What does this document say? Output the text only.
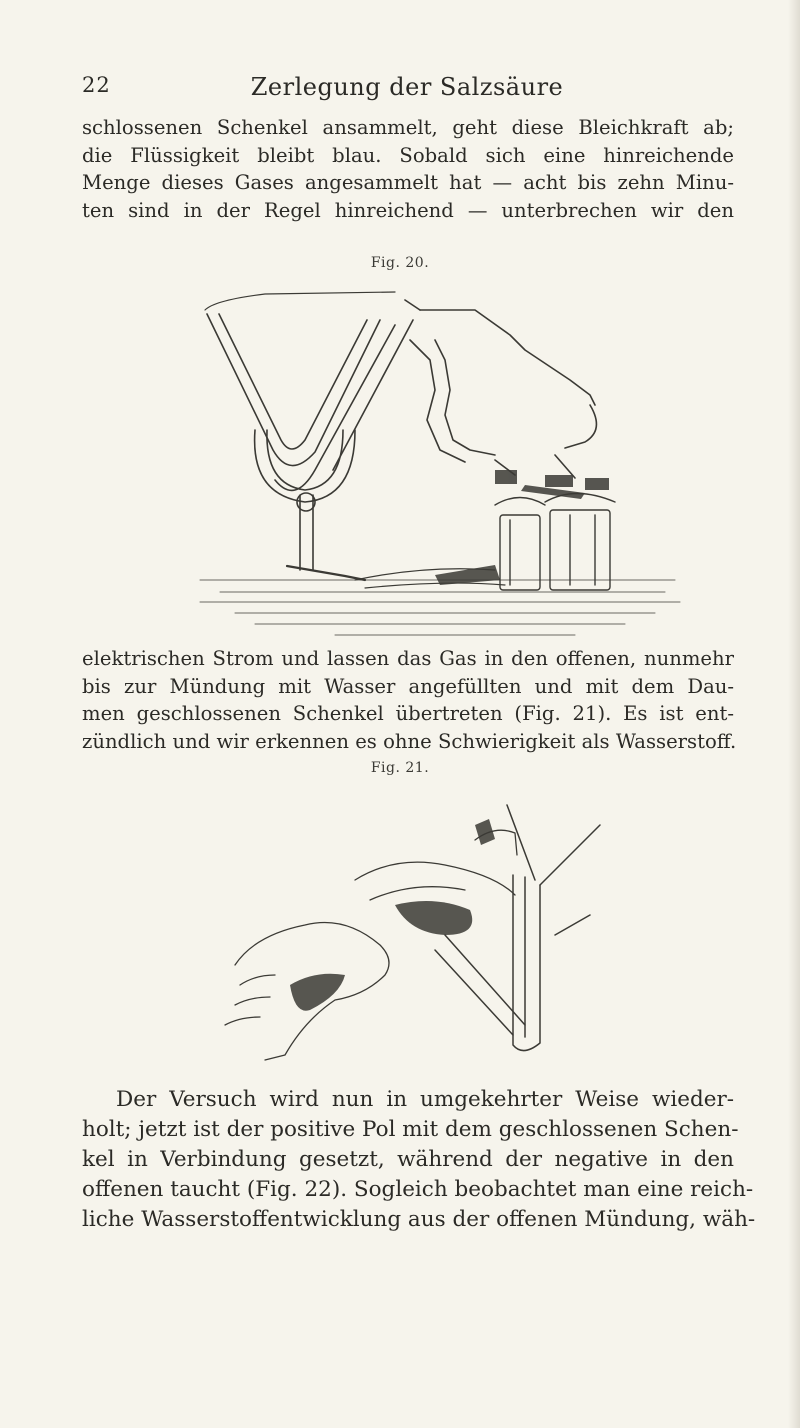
22	Zerlegung der Salzsäure

schlossenen Schenkel ansammelt, geht diese Bleichkraft ab;
die Flüssigkeit bleibt blau. Sobald sich eine hinreichende
Menge dieses Gases angesammelt hat — acht bis zehn Minu-
ten sind in der Regel hinreichend — unterbrechen wir den

Fig. 20.

elektrischen Strom und lassen das Gas in den offenen, nunmehr
bis zur Mündung mit Wasser angefüllten und mit dem Dau-
men geschlossenen Schenkel übertreten (Fig. 21). Es ist ent-
zündlich und wir erkennen es ohne Schwierigkeit als Wasserstoff.

Fig. 21.

Der Versuch wird nun in umgekehrter Weise wieder-
holt; jetzt ist der positive Pol mit dem geschlossenen Schen-
kel in Verbindung gesetzt, während der negative in den
offenen taucht (Fig. 22). Sogleich beobachtet man eine reich-
liche Wasserstoffentwicklung aus der offenen Mündung, wäh-
